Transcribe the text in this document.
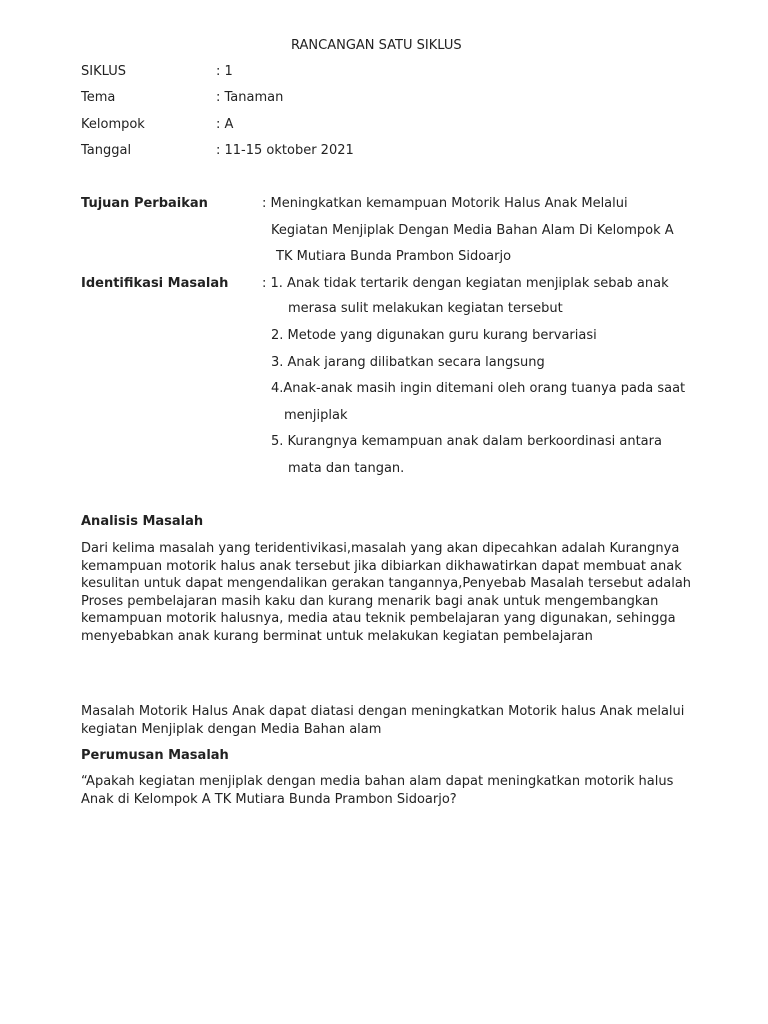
RANCANGAN SATU SIKLUS
SIKLUS	: 1
Tema	: Tanaman
Kelompok	: A
Tanggal	: 11-15 oktober 2021
Tujuan Perbaikan	: Meningkatkan kemampuan Motorik Halus Anak Melalui
Kegiatan Menjiplak Dengan Media Bahan Alam Di Kelompok A
TK Mutiara Bunda Prambon Sidoarjo
Identifikasi Masalah	: 1. Anak tidak tertarik dengan kegiatan menjiplak sebab anak
merasa sulit melakukan kegiatan tersebut
2. Metode yang digunakan guru kurang bervariasi
3. Anak jarang dilibatkan secara langsung
4.Anak-anak masih ingin ditemani oleh orang tuanya pada saat
menjiplak
5. Kurangnya kemampuan anak dalam berkoordinasi antara
mata dan tangan.
Analisis Masalah
Dari kelima masalah yang teridentivikasi,masalah yang akan dipecahkan adalah Kurangnya kemampuan motorik halus anak tersebut jika dibiarkan dikhawatirkan dapat membuat anak kesulitan untuk dapat mengendalikan gerakan tangannya,Penyebab Masalah tersebut adalah Proses pembelajaran masih kaku dan kurang menarik bagi anak untuk mengembangkan kemampuan motorik halusnya, media atau teknik pembelajaran yang digunakan, sehingga menyebabkan anak kurang berminat untuk melakukan kegiatan pembelajaran
Masalah Motorik Halus Anak dapat diatasi dengan meningkatkan Motorik halus Anak melalui kegiatan Menjiplak dengan Media Bahan alam
Perumusan Masalah
“Apakah kegiatan menjiplak dengan media bahan alam dapat meningkatkan motorik halus Anak di Kelompok A TK Mutiara Bunda Prambon Sidoarjo?
